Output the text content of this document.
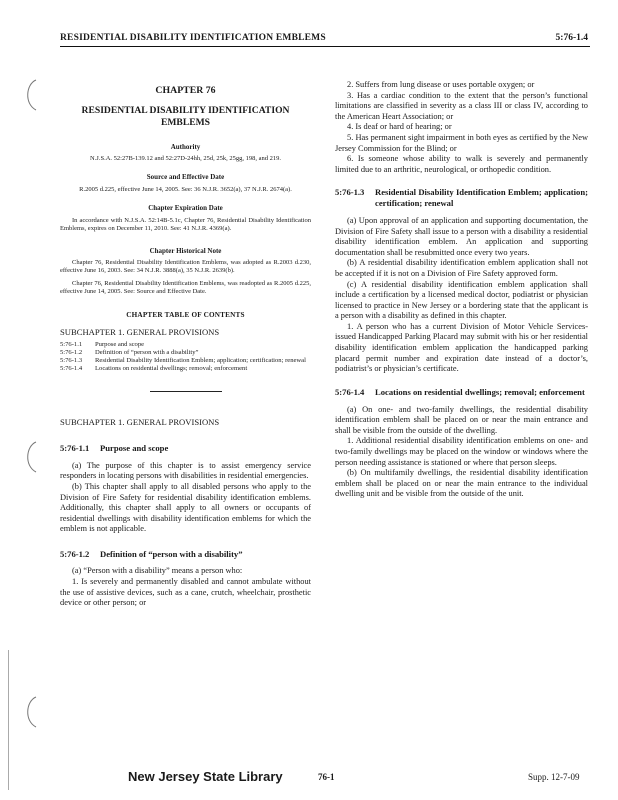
RESIDENTIAL DISABILITY IDENTIFICATION EMBLEMS	5:76-1.4
CHAPTER 76
RESIDENTIAL DISABILITY IDENTIFICATION EMBLEMS
Authority
N.J.S.A. 52:27B-139.12 and 52:27D-24hh, 25d, 25k, 25gg, 198, and 219.
Source and Effective Date
R.2005 d.225, effective June 14, 2005. See: 36 N.J.R. 3652(a), 37 N.J.R. 2674(a).
Chapter Expiration Date
In accordance with N.J.S.A. 52:14B-5.1c, Chapter 76, Residential Disability Identification Emblems, expires on December 11, 2010. See: 41 N.J.R. 4369(a).
Chapter Historical Note
Chapter 76, Residential Disability Identification Emblems, was adopted as R.2003 d.230, effective June 16, 2003. See: 34 N.J.R. 3888(a), 35 N.J.R. 2639(b).
Chapter 76, Residential Disability Identification Emblems, was readopted as R.2005 d.225, effective June 14, 2005. See: Source and Effective Date.
CHAPTER TABLE OF CONTENTS
SUBCHAPTER 1. GENERAL PROVISIONS
5:76-1.1	Purpose and scope
5:76-1.2	Definition of “person with a disability”
5:76-1.3	Residential Disability Identification Emblem; application; certification; renewal
5:76-1.4	Locations on residential dwellings; removal; enforcement
SUBCHAPTER 1. GENERAL PROVISIONS
5:76-1.1 Purpose and scope

(a) The purpose of this chapter is to assist emergency service responders in locating persons with disabilities in residential emergencies.

(b) This chapter shall apply to all disabled persons who apply to the Division of Fire Safety for residential disability identification emblems. Additionally, this chapter shall apply to all owners or occupants of residential dwellings with disability identification emblems for which the emblem is not applicable.

5:76-1.2 Definition of “person with a disability”

(a) “Person with a disability” means a person who:

1. Is severely and permanently disabled and cannot ambulate without the use of assistive devices, such as a cane, crutch, wheelchair, prosthetic device or other person; or

2. Suffers from lung disease or uses portable oxygen; or

3. Has a cardiac condition to the extent that the person’s functional limitations are classified in severity as a class III or class IV, according to the American Heart Association; or

4. Is deaf or hard of hearing; or

5. Has permanent sight impairment in both eyes as certified by the New Jersey Commission for the Blind; or

6. Is someone whose ability to walk is severely and permanently limited due to an arthritic, neurological, or orthopedic condition.

5:76-1.3	Residential Disability Identification Emblem; application; certification; renewal

(a) Upon approval of an application and supporting documentation, the Division of Fire Safety shall issue to a person with a disability a residential disability identification emblem. An application and supporting documentation shall be resubmitted once every two years.

(b) A residential disability identification emblem application shall not be accepted if it is not on a Division of Fire Safety approved form.

(c) A residential disability identification emblem application shall include a certification by a licensed medical doctor, podiatrist or physician licensed to practice in New Jersey or a bordering state that the applicant is a person with a disability as defined in this chapter.

1. A person who has a current Division of Motor Vehicle Services-issued Handicapped Parking Placard may submit with his or her residential disability identification emblem application the handicapped parking placard permit number and expiration date instead of a doctor’s, podiatrist’s or physician’s certificate.

5:76-1.4	Locations on residential dwellings; removal; enforcement

(a) On one- and two-family dwellings, the residential disability identification emblem shall be placed on or near the main entrance and shall be visible from the outside of the dwelling.

1. Additional residential disability identification emblems on one- and two-family dwellings may be placed on the window or windows where the person needing assistance is stationed or where that person sleeps.

(b) On multifamily dwellings, the residential disability identification emblem shall be placed on or near the main entrance to the individual dwelling unit and be visible from the outside of the unit.

New Jersey State Library	76-1	Supp. 12-7-09
